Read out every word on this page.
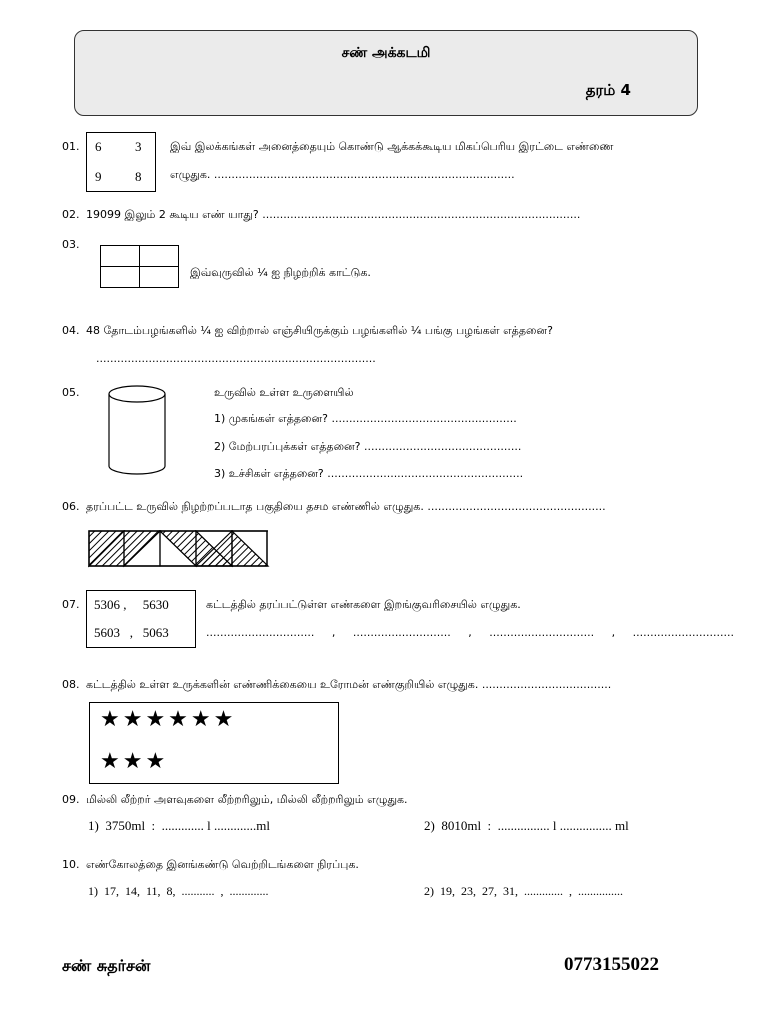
சண் அக்கடமி
தரம் 4
01. 6	3
9	8
இவ் இலக்கங்கள் அனைத்தையும் கொண்டு ஆக்கக்கூடிய மிகப்பெரிய இரட்டை எண்ணை
எழுதுக. ......................................................................................
02. 19099 இலும் 2 கூடிய எண் யாது? ...........................................................................................
03.
இவ்வுருவில் ¼ ஐ நிழற்றிக் காட்டுக.
04. 48 தோடம்பழங்களில் ¼ ஐ விற்றால் எஞ்சியிருக்கும் பழங்களில் ¼ பங்கு பழங்கள் எத்தனை?
................................................................................
05.	உருவில் உள்ள உருளையில்
1) முகங்கள் எத்தனை? .....................................................
2) மேற்பரப்புக்கள் எத்தனை? .............................................
3) உச்சிகள் எத்தனை? ........................................................
06. தரப்பட்ட உருவில் நிழற்றப்படாத பகுதியை தசம எண்ணில் எழுதுக. ...................................................
07. 5306 ,     5630
5603   ,   5063
கட்டத்தில் தரப்பட்டுள்ள எண்களை இறங்குவரிசையில் எழுதுக.
...............................     ,     ............................     ,     ..............................     ,     .............................
08. கட்டத்தில் உள்ள உருக்களின் எண்ணிக்கையை உரோமன் எண்குறியில் எழுதுக. .....................................
★★★★★★
★★★
09. மில்லி லீற்றர் அளவுகளை லீற்றரிலும், மில்லி லீற்றரிலும் எழுதுக.
1)  3750ml  :  ............. l .............ml	2)  8010ml  :  ................ l ................ ml
10. எண்கோலத்தை இனங்கண்டு வெற்றிடங்களை நிரப்புக.
1)  17,  14,  11,  8,  ...........  ,  .............	2)  19,  23,  27,  31,  .............  ,  ...............
சண் சுதர்சன்	0773155022
